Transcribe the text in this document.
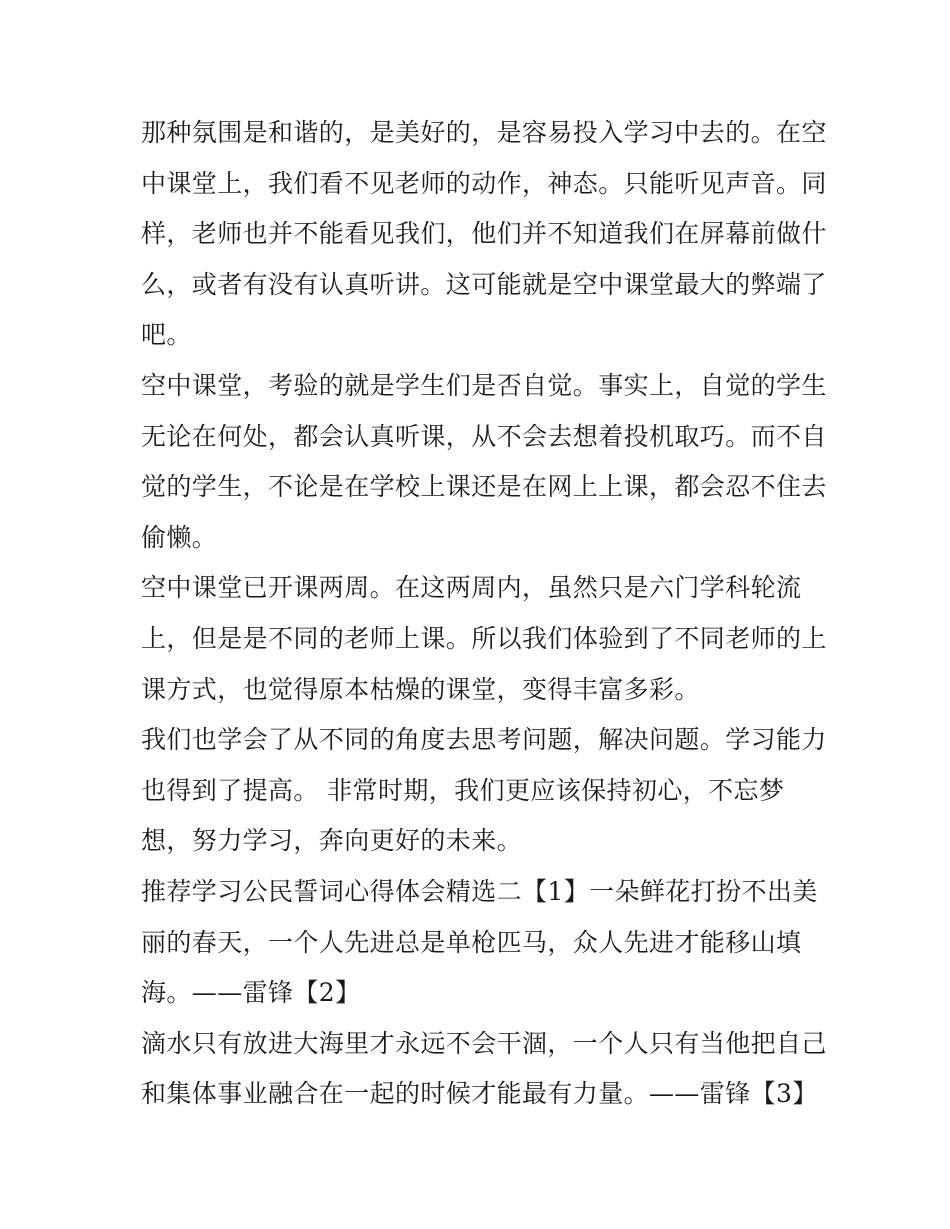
那种氛围是和谐的，是美好的，是容易投入学习中去的。在空
中课堂上，我们看不见老师的动作，神态。只能听见声音。同
样，老师也并不能看见我们，他们并不知道我们在屏幕前做什
么，或者有没有认真听讲。这可能就是空中课堂最大的弊端了
吧。
空中课堂，考验的就是学生们是否自觉。事实上，自觉的学生
无论在何处，都会认真听课，从不会去想着投机取巧。而不自
觉的学生，不论是在学校上课还是在网上上课，都会忍不住去
偷懒。
空中课堂已开课两周。在这两周内，虽然只是六门学科轮流
上，但是是不同的老师上课。所以我们体验到了不同老师的上
课方式，也觉得原本枯燥的课堂，变得丰富多彩。
我们也学会了从不同的角度去思考问题，解决问题。学习能力
也得到了提高。 非常时期，我们更应该保持初心，不忘梦
想，努力学习，奔向更好的未来。
推荐学习公民誓词心得体会精选二【1】一朵鲜花打扮不出美
丽的春天，一个人先进总是单枪匹马，众人先进才能移山填
海。——雷锋【2】
滴水只有放进大海里才永远不会干涸，一个人只有当他把自己
和集体事业融合在一起的时候才能最有力量。——雷锋【3】
